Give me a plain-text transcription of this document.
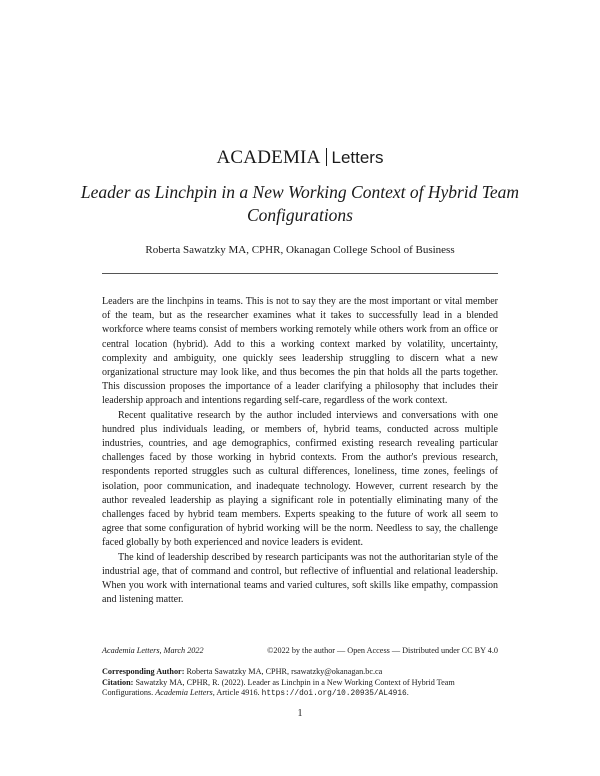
ACADEMIA Letters
Leader as Linchpin in a New Working Context of Hybrid Team Configurations
Roberta Sawatzky MA, CPHR, Okanagan College School of Business

Leaders are the linchpins in teams. This is not to say they are the most important or vital member of the team, but as the researcher examines what it takes to successfully lead in a blended workforce where teams consist of members working remotely while others work from an office or central location (hybrid). Add to this a working context marked by volatility, uncertainty, complexity and ambiguity, one quickly sees leadership struggling to discern what a new organizational structure may look like, and thus becomes the pin that holds all the parts together. This discussion proposes the importance of a leader clarifying a philosophy that includes their leadership approach and intentions regarding self-care, regardless of the work context.

Recent qualitative research by the author included interviews and conversations with one hundred plus individuals leading, or members of, hybrid teams, conducted across multiple industries, countries, and age demographics, confirmed existing research revealing particular challenges faced by those working in hybrid contexts. From the author's previous research, respondents reported struggles such as cultural differences, loneliness, time zones, feelings of isolation, poor communication, and inadequate technology. However, current research by the author revealed leadership as playing a significant role in potentially eliminating many of the challenges faced by hybrid team members. Experts speaking to the future of work all seem to agree that some configuration of hybrid working will be the norm. Needless to say, the challenge faced globally by both experienced and novice leaders is evident.

The kind of leadership described by research participants was not the authoritarian style of the industrial age, that of command and control, but reflective of influential and relational leadership. When you work with international teams and varied cultures, soft skills like empathy, compassion and listening matter.

Academia Letters, March 2022	©2022 by the author — Open Access — Distributed under CC BY 4.0
Corresponding Author: Roberta Sawatzky MA, CPHR, rsawatzky@okanagan.bc.ca
Citation: Sawatzky MA, CPHR, R. (2022). Leader as Linchpin in a New Working Context of Hybrid Team Configurations. Academia Letters, Article 4916. https://doi.org/10.20935/AL4916.
1
